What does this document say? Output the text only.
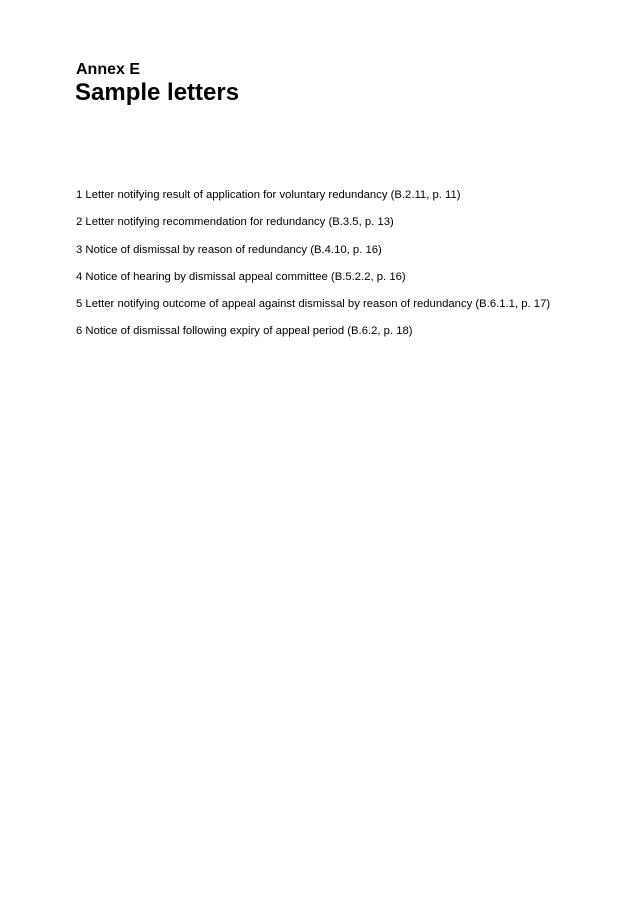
Annex E
Sample letters
1 Letter notifying result of application for voluntary redundancy (B.2.11, p. 11)
2 Letter notifying recommendation for redundancy (B.3.5, p. 13)
3 Notice of dismissal by reason of redundancy (B.4.10, p. 16)
4 Notice of hearing by dismissal appeal committee (B.5.2.2, p. 16)
5 Letter notifying outcome of appeal against dismissal by reason of redundancy (B.6.1.1, p. 17)
6 Notice of dismissal following expiry of appeal period (B.6.2, p. 18)
